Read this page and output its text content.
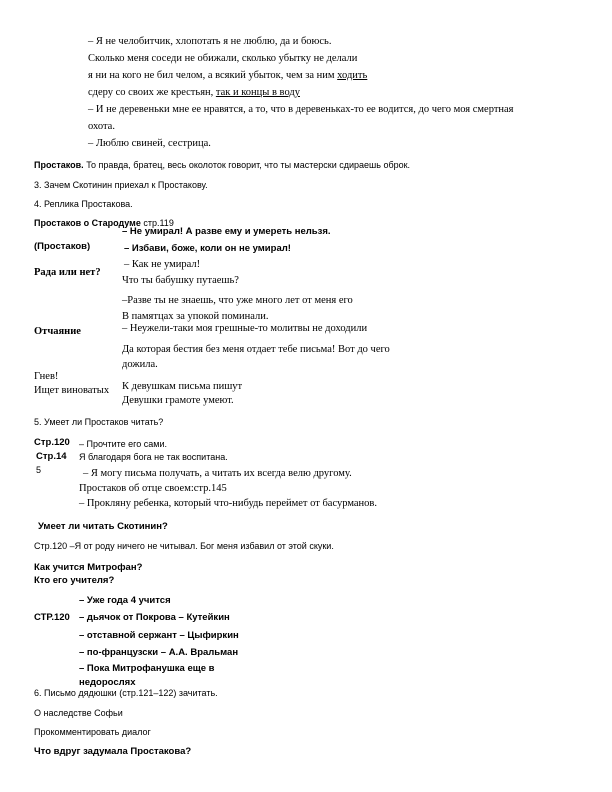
– Я не челобитчик, хлопотать я не люблю, да и боюсь.
Сколько меня соседи не обижали, сколько убытку не делали
я ни на кого не бил челом, а всякий убыток, чем за ним ходить
сдеру со своих же крестьян, так и концы в воду
– И не деревеньки мне ее нравятся, а то, что в деревеньках-то ее водится, до чего моя смертная
охота.
– Люблю свиней, сестрица.
Простаков. То правда, братец, весь околоток говорит, что ты мастерски сдираешь оброк.
3. Зачем Скотинин приехал к Простакову.
4. Реплика Простакова.
Простаков о Стародуме стр.119
(Простаков)
Рада или нет?
Отчаяние
Гнев!
Ищет виноватых
– Не умирал! А разве ему и умереть нельзя.
– Избави, боже, коли он не умирал!
– Как не умирал!
Что ты бабушку путаешь?
–Разве ты не знаешь, что уже много лет от меня его
В памятцах за упокой поминали.
– Неужели-таки моя грешные-то молитвы не доходили
Да которая бестия без меня отдает тебе письма! Вот до чего
дожила.
К девушкам письма пишут
Девушки грамоте умеют.
5. Умеет ли Простаков читать?
Стр.120
Стр.14
5
– Прочтите его сами.
Я благодаря бога не так воспитана.
– Я могу письма получать, а читать их всегда велю другому.
Простаков об отце своем:стр.145
– Прокляну ребенка, который что-нибудь переймет от басурманов.
Умеет ли читать Скотинин?
Стр.120 –Я от роду ничего не читывал. Бог меня избавил от этой скуки.
Как учится Митрофан?
Кто его учителя?
СТР.120
– Уже года 4 учится
– дьячок от Покрова – Кутейкин
– отставной сержант – Цыфиркин
– по-французски – А.А. Вральман
– Пока Митрофанушка еще в
недорослях
6. Письмо дядюшки (стр.121–122) зачитать.
О наследстве Софьи
Прокомментировать диалог
Что вдруг задумала Простакова?
